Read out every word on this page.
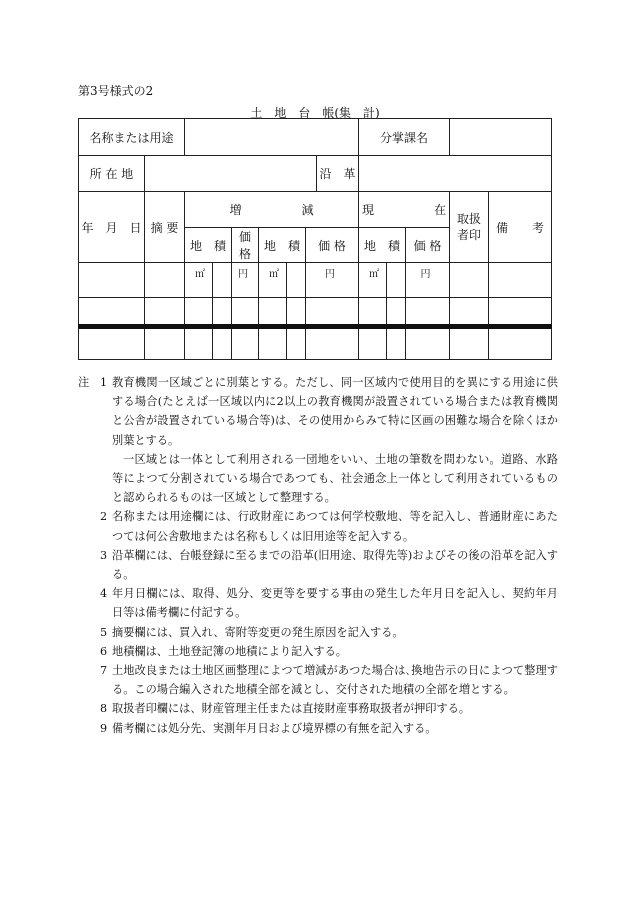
第3号様式の2
土　地　台　帳(集　計)
名称または用途									分掌課名				
所 在 地								沿　革					
年　月　日	摘 要	増　　　　　減							現　　　　　在			取扱者印	備　　考
		地　積		価 格	地　積		価 格		地　積		価 格		
		㎡		円	㎡		円		㎡		円		

注 1 教育機関一区域ごとに別葉とする。ただし、同一区域内で使用目的を異にする用途に供する場合(たとえば一区域以内に2以上の教育機関が設置されている場合または教育機関と公舎が設置されている場合等)は、その使用からみて特に区画の困難な場合を除くほか別葉とする。
一区域とは一体として利用される一団地をいい、土地の筆数を問わない。道路、水路等によつて分割されている場合であつても、社会通念上一体として利用されているものと認められるものは一区域として整理する。
2 名称または用途欄には、行政財産にあつては何学校敷地、等を記入し、普通財産にあたつては何公舎敷地または名称もしくは旧用途等を記入する。
3 沿革欄には、台帳登録に至るまでの沿革(旧用途、取得先等)およびその後の沿革を記入する。
4 年月日欄には、取得、処分、変更等を要する事由の発生した年月日を記入し、契約年月日等は備考欄に付記する。
5 摘要欄には、買入れ、寄附等変更の発生原因を記入する。
6 地積欄は、土地登記簿の地積により記入する。
7 土地改良または土地区画整理によつて増減があつた場合は､換地告示の日によつて整理する。この場合編入された地積全部を減とし、交付された地積の全部を増とする。
8 取扱者印欄には、財産管理主任または直接財産事務取扱者が押印する。
9 備考欄には処分先、実測年月日および境界標の有無を記入する。
